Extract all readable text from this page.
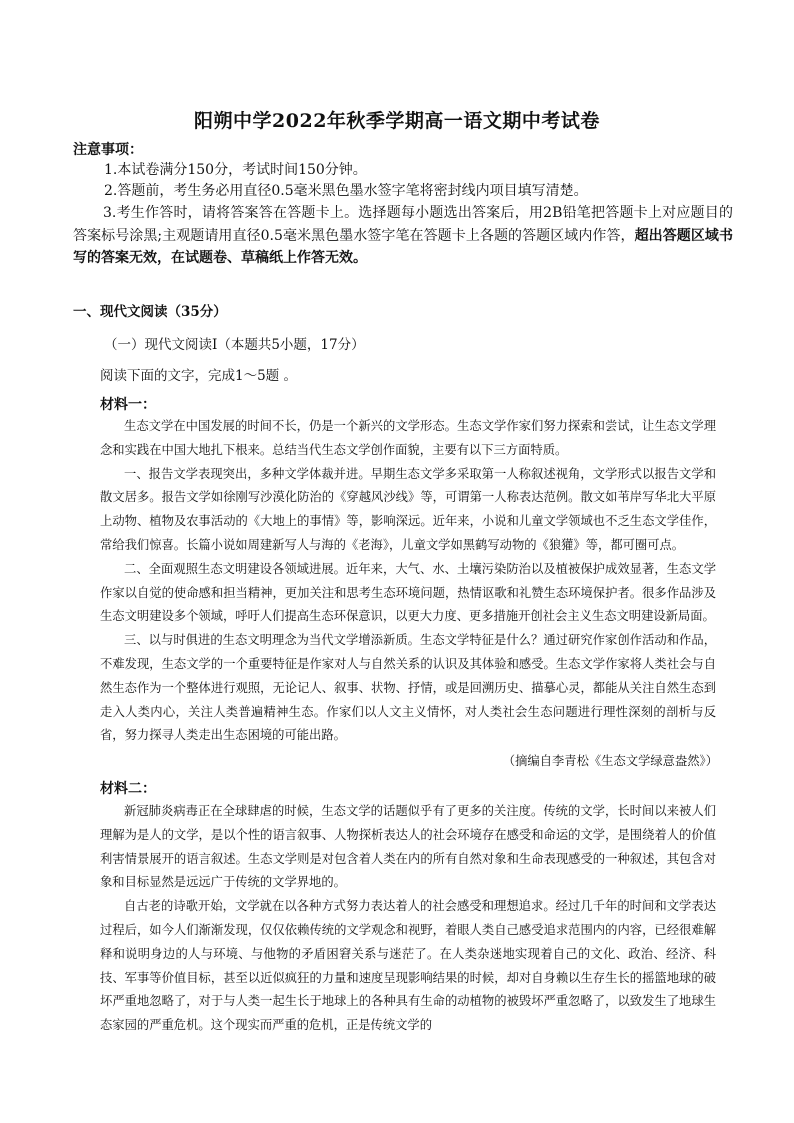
阳朔中学2022年秋季学期高一语文期中考试卷
注意事项：
1.本试卷满分150分，考试时间150分钟。
2.答题前，考生务必用直径0.5毫米黑色墨水签字笔将密封线内项目填写清楚。
3.考生作答时，请将答案答在答题卡上。选择题每小题选出答案后，用2B铅笔把答题卡上对应题目的答案标号涂黑;主观题请用直径0.5毫米黑色墨水签字笔在答题卡上各题的答题区域内作答，超出答题区域书写的答案无效，在试题卷、草稿纸上作答无效。
一、现代文阅读（35分）
（一）现代文阅读Ⅰ（本题共5小题，17分）
阅读下面的文字，完成1～5题 。
材料一：

生态文学在中国发展的时间不长，仍是一个新兴的文学形态。生态文学作家们努力探索和尝试，让生态文学理念和实践在中国大地扎下根来。总结当代生态文学创作面貌，主要有以下三方面特质。

一、报告文学表现突出，多种文学体裁并进。早期生态文学多采取第一人称叙述视角，文学形式以报告文学和散文居多。报告文学如徐刚写沙漠化防治的《穿越风沙线》等，可谓第一人称表达范例。散文如苇岸写华北大平原上动物、植物及农事活动的《大地上的事情》等，影响深远。近年来，小说和儿童文学领域也不乏生态文学佳作，常给我们惊喜。长篇小说如周建新写人与海的《老海》，儿童文学如黑鹤写动物的《狼獾》等，都可圈可点。

二、全面观照生态文明建设各领域进展。近年来，大气、水、土壤污染防治以及植被保护成效显著，生态文学作家以自觉的使命感和担当精神，更加关注和思考生态环境问题，热情讴歌和礼赞生态环境保护者。很多作品涉及生态文明建设多个领域，呼吁人们提高生态环保意识，以更大力度、更多措施开创社会主义生态文明建设新局面。

三、以与时俱进的生态文明理念为当代文学增添新质。生态文学特征是什么？通过研究作家创作活动和作品，不难发现，生态文学的一个重要特征是作家对人与自然关系的认识及其体验和感受。生态文学作家将人类社会与自然生态作为一个整体进行观照，无论记人、叙事、状物、抒情，或是回溯历史、描摹心灵，都能从关注自然生态到走入人类内心，关注人类普遍精神生态。作家们以人文主义情怀，对人类社会生态问题进行理性深刻的剖析与反省，努力探寻人类走出生态困境的可能出路。

（摘编自李青松《生态文学绿意盎然》）
材料二：

新冠肺炎病毒正在全球肆虐的时候，生态文学的话题似乎有了更多的关注度。传统的文学，长时间以来被人们理解为是人的文学，是以个性的语言叙事、人物探析表达人的社会环境存在感受和命运的文学，是围绕着人的价值利害情景展开的语言叙述。生态文学则是对包含着人类在内的所有自然对象和生命表现感受的一种叙述，其包含对象和目标显然是远远广于传统的文学界地的。

自古老的诗歌开始，文学就在以各种方式努力表达着人的社会感受和理想追求。经过几千年的时间和文学表达过程后，如今人们渐渐发现，仅仅依赖传统的文学观念和视野，着眼人类自己感受追求范围内的内容，已经很难解释和说明身边的人与环境、与他物的矛盾困窘关系与迷茫了。在人类杂迷地实现着自己的文化、政治、经济、科技、军事等价值目标，甚至以近似疯狂的力量和速度呈现影响结果的时候，却对自身赖以生存生长的摇篮地球的破坏严重地忽略了，对于与人类一起生长于地球上的各种具有生命的动植物的被毁坏严重忽略了，以致发生了地球生态家园的严重危机。这个现实而严重的危机，正是传统文学的
